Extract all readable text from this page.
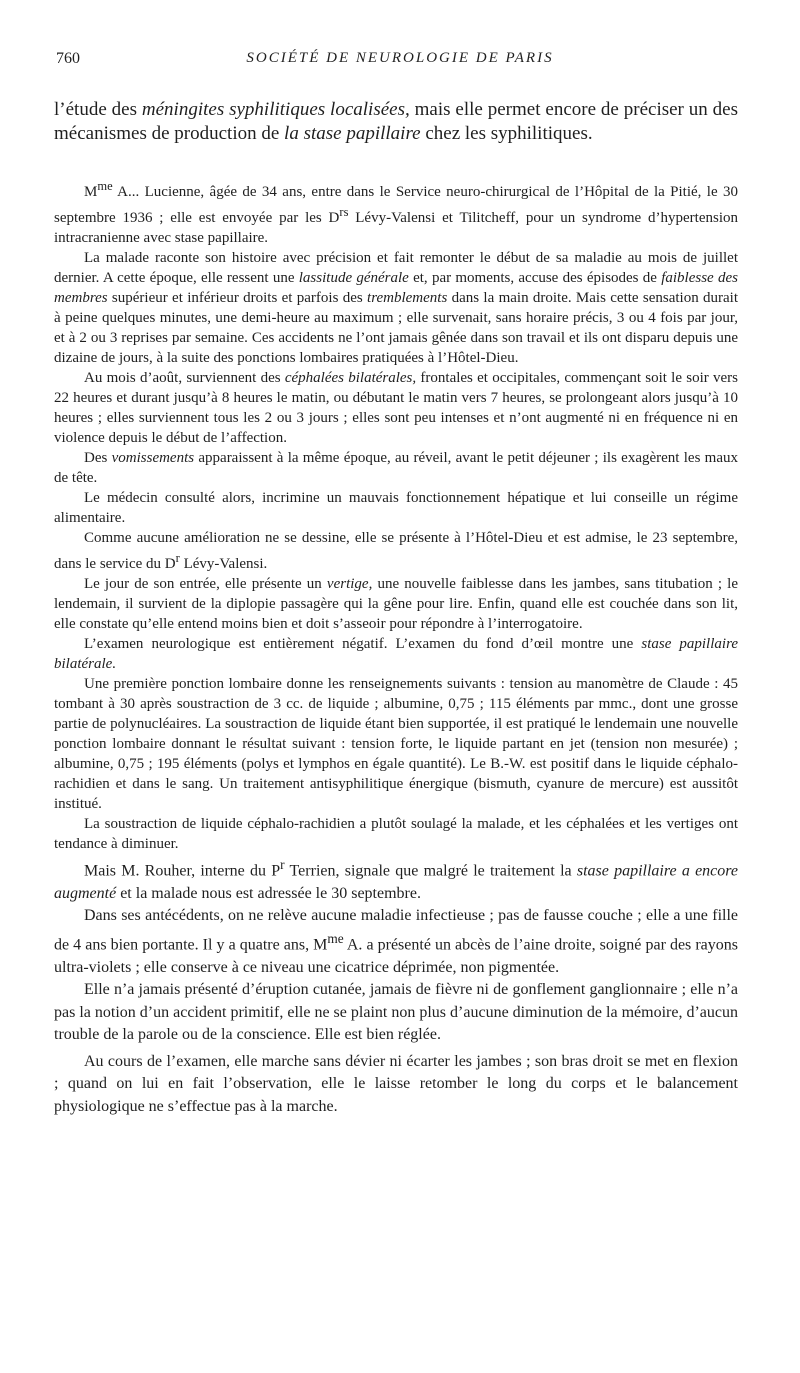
760	SOCIÉTÉ DE NEUROLOGIE DE PARIS

l’étude des méningites syphilitiques localisées, mais elle permet encore de préciser un des mécanismes de production de la stase papillaire chez les syphilitiques.

$M^{me}$ A... Lucienne, âgée de 34 ans, entre dans le Service neuro-chirurgical de l’Hôpital de la Pitié, le 30 septembre 1936 ; elle est envoyée par les $D^{rs}$ Lévy-Valensi et Tilitcheff, pour un syndrome d’hypertension intracranienne avec stase papillaire.

La malade raconte son histoire avec précision et fait remonter le début de sa maladie au mois de juillet dernier. A cette époque, elle ressent une lassitude générale et, par moments, accuse des épisodes de faiblesse des membres supérieur et inférieur droits et parfois des tremblements dans la main droite. Mais cette sensation durait à peine quelques minutes, une demi-heure au maximum ; elle survenait, sans horaire précis, 3 ou 4 fois par jour, et à 2 ou 3 reprises par semaine. Ces accidents ne l’ont jamais gênée dans son travail et ils ont disparu depuis une dizaine de jours, à la suite des ponctions lombaires pratiquées à l’Hôtel-Dieu.

Au mois d’août, surviennent des céphalées bilatérales, frontales et occipitales, commençant soit le soir vers 22 heures et durant jusqu’à 8 heures le matin, ou débutant le matin vers 7 heures, se prolongeant alors jusqu’à 10 heures ; elles surviennent tous les 2 ou 3 jours ; elles sont peu intenses et n’ont augmenté ni en fréquence ni en violence depuis le début de l’affection.

Des vomissements apparaissent à la même époque, au réveil, avant le petit déjeuner ; ils exagèrent les maux de tête.

Le médecin consulté alors, incrimine un mauvais fonctionnement hépatique et lui conseille un régime alimentaire.

Comme aucune amélioration ne se dessine, elle se présente à l’Hôtel-Dieu et est admise, le 23 septembre, dans le service du $D^r$ Lévy-Valensi.

Le jour de son entrée, elle présente un vertige, une nouvelle faiblesse dans les jambes, sans titubation ; le lendemain, il survient de la diplopie passagère qui la gêne pour lire. Enfin, quand elle est couchée dans son lit, elle constate qu’elle entend moins bien et doit s’asseoir pour répondre à l’interrogatoire.

L’examen neurologique est entièrement négatif. L’examen du fond d’œil montre une stase papillaire bilatérale.

Une première ponction lombaire donne les renseignements suivants : tension au manomètre de Claude : 45 tombant à 30 après soustraction de 3 cc. de liquide ; albumine, 0,75 ; 115 éléments par mmc., dont une grosse partie de polynucléaires. La soustraction de liquide étant bien supportée, il est pratiqué le lendemain une nouvelle ponction lombaire donnant le résultat suivant : tension forte, le liquide partant en jet (tension non mesurée) ; albumine, 0,75 ; 195 éléments (polys et lymphos en égale quantité). Le B.-W. est positif dans le liquide céphalo-rachidien et dans le sang. Un traitement antisyphilitique énergique (bismuth, cyanure de mercure) est aussitôt institué.

La soustraction de liquide céphalo-rachidien a plutôt soulagé la malade, et les céphalées et les vertiges ont tendance à diminuer.

Mais M. Rouher, interne du $P^r$ Terrien, signale que malgré le traitement la stase papillaire a encore augmenté et la malade nous est adressée le 30 septembre.

Dans ses antécédents, on ne relève aucune maladie infectieuse ; pas de fausse couche ; elle a une fille de 4 ans bien portante. Il y a quatre ans, $M^{me}$ A. a présenté un abcès de l’aine droite, soigné par des rayons ultra-violets ; elle conserve à ce niveau une cicatrice déprimée, non pigmentée.

Elle n’a jamais présenté d’éruption cutanée, jamais de fièvre ni de gonflement ganglionnaire ; elle n’a pas la notion d’un accident primitif, elle ne se plaint non plus d’aucune diminution de la mémoire, d’aucun trouble de la parole ou de la conscience. Elle est bien réglée.

Au cours de l’examen, elle marche sans dévier ni écarter les jambes ; son bras droit se met en flexion ; quand on lui en fait l’observation, elle le laisse retomber le long du corps et le balancement physiologique ne s’effectue pas à la marche.
